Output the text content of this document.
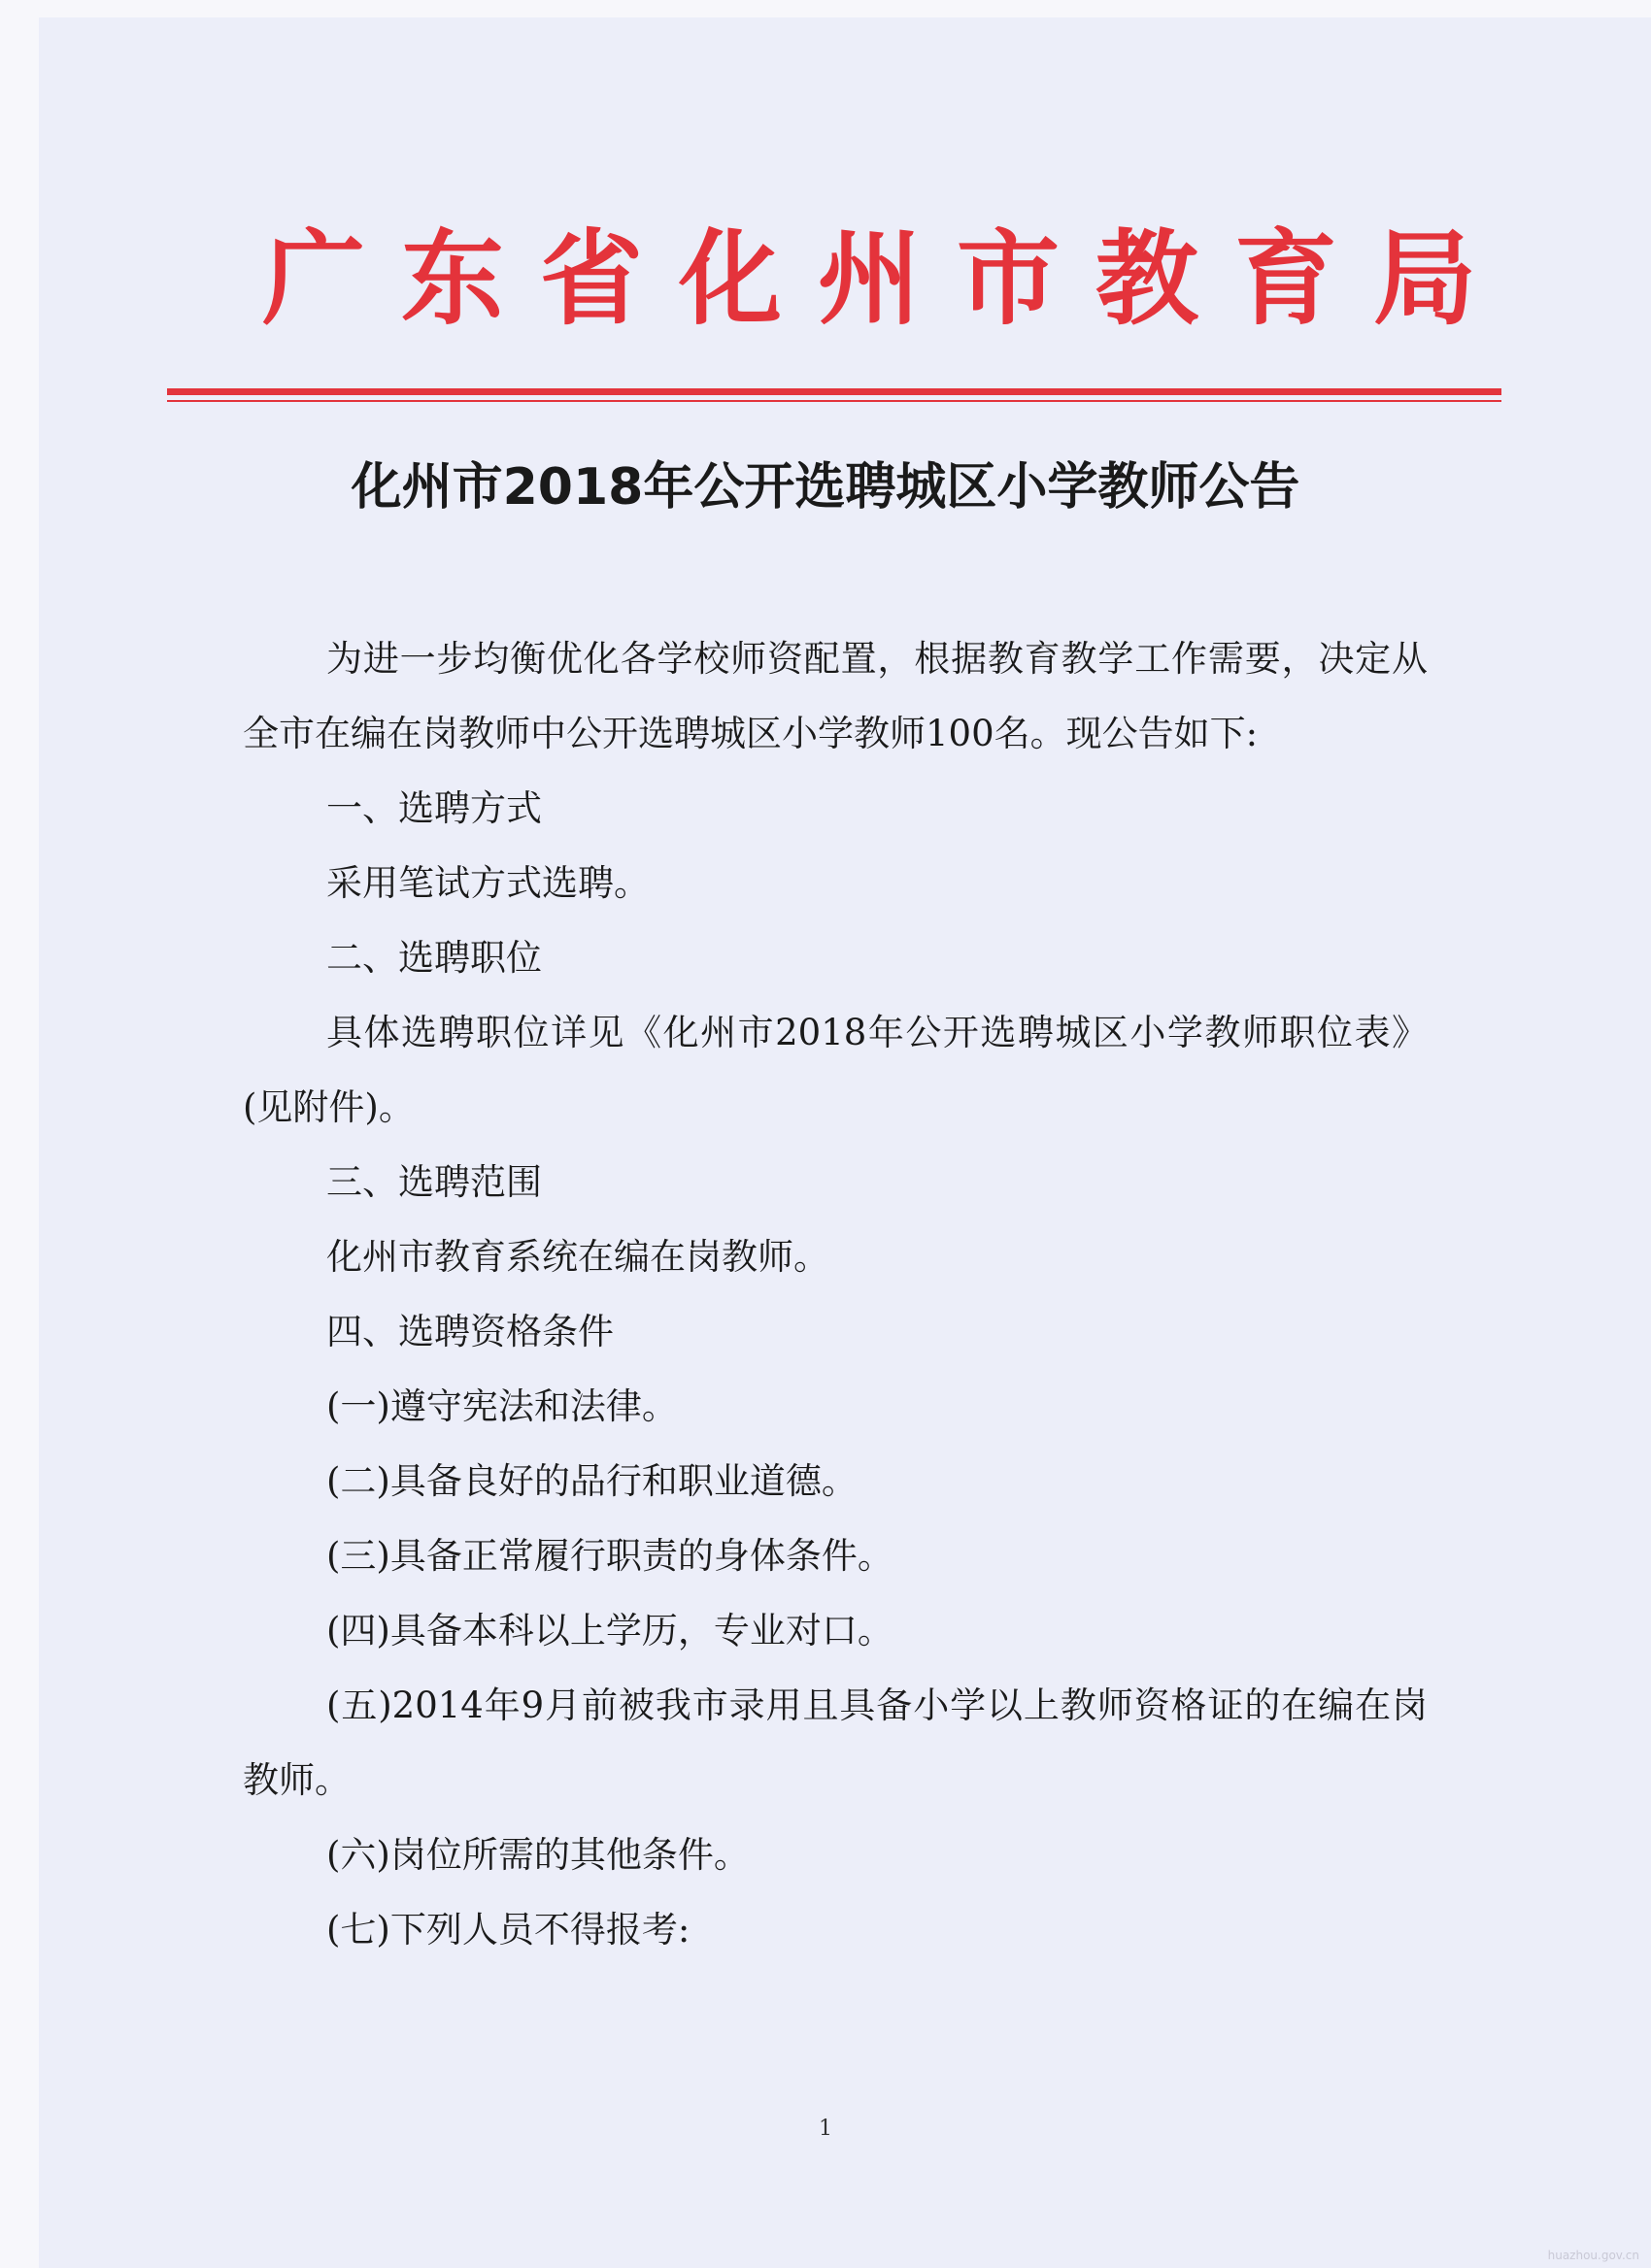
广东省化州市教育局
化州市2018年公开选聘城区小学教师公告

为进一步均衡优化各学校师资配置，根据教育教学工作需要，决定从全市在编在岗教师中公开选聘城区小学教师100名。现公告如下:

一、选聘方式

采用笔试方式选聘。

二、选聘职位

具体选聘职位详见《化州市2018年公开选聘城区小学教师职位表》(见附件)。

三、选聘范围

化州市教育系统在编在岗教师。

四、选聘资格条件

(一)遵守宪法和法律。

(二)具备良好的品行和职业道德。

(三)具备正常履行职责的身体条件。

(四)具备本科以上学历，专业对口。

(五)2014年9月前被我市录用且具备小学以上教师资格证的在编在岗教师。

(六)岗位所需的其他条件。

(七)下列人员不得报考:

1
huazhou.gov.cn
